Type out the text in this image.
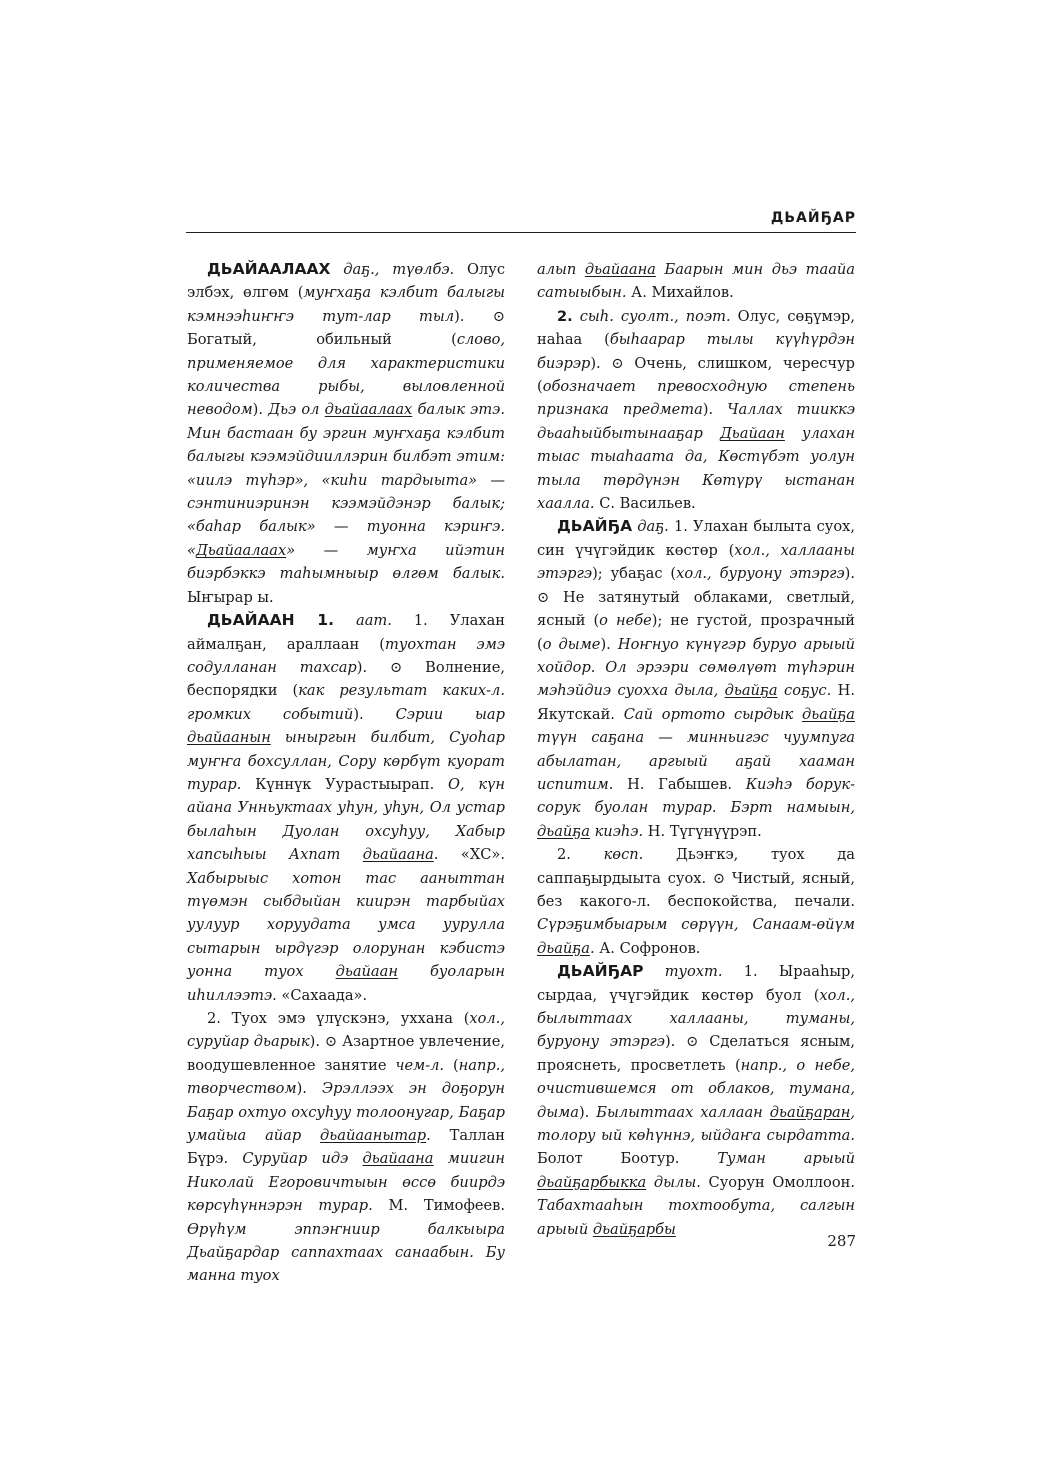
ДЬАЙҔАР

ДЬАЙААЛААХ даҕ., түөлбэ. Олус элбэх, өлгөм (муҥхаҕа кэлбит балыгы кэмнээһиҥҥэ тут-лар тыл). ⊙ Богатый, обильный (слово, применяемое для характеристики количества рыбы, выловленной неводом). Дьэ ол дьайаалаах балык этэ. Мин бастаан бу эргин муҥхаҕа кэлбит балыгы кээмэйдииллэрин билбэт этим: «иилэ түһэр», «киһи тардыыта» — сэнтиниэринэн кээмэйдэнэр балык; «баһар балык» — туонна кэриҥэ. «Дьайаалаах» — муҥха ийэтин биэрбэккэ таһымныыр өлгөм балык. Ыҥырар ы.

ДЬАЙААН 1. аат. 1. Улахан аймалҕан, араллаан (туохтан эмэ содулланан тахсар). ⊙ Волнение, беспорядки (как результат каких-л. громких событий). Сэрии ыар дьайаанын ыныргын билбит, Суоһар муҥҥа бохсуллан, Сору көрбүт куорат турар. Күннүк Уурастыырап. О, күн айана Унньуктаах уһун, уһун, Ол устар былаһын Дуолан охсуһуу, Хабыр хапсыһыы Ахпат дьайаана. «ХС». Хабырыыс хотон тас ааныттан түөмэн сыбдыйан киирэн тарбыйах уулуур хоруудата умса уурулла сытарын ырдүгэр олорунан кэбистэ уонна туох дьайаан буоларын иһиллээтэ. «Сахаада».

2. Туох эмэ үлүскэнэ, уххана (хол., суруйар дьарык). ⊙ Азартное увлечение, воодушевленное занятие чем-л. (напр., творчеством). Эрэллээх эн доҕорун Баҕар охтуо охсуһуу толоонугар, Баҕар умайыа айар дьайаанытар. Таллан Бүрэ. Суруйар идэ дьайаана миигин Николай Егоровичтыын өссө биирдэ көрсүһүннэрэн турар. М. Тимофеев. Өрүһүм эппэҥнииp балкыыра Дьайҕардар саппахтаах санаабын. Бу манна туох

алып дьайаана Баарын мин дьэ таайа сатыыбын. А. Михайлов.

2. сыһ. суолт., поэт. Олус, сөҕүмэр, наһаа (быһаарар тылы күүһүрдэн биэрэр). ⊙ Очень, слишком, чересчур (обозначает превосходную степень признака предмета). Чаллах тииккэ дьааһыйбытынааҕар Дьайаан улахан тыас тыаһаата да, Көстүбэт уолун тыла төрдүнэн Көтүрү ыстанан хаалла. С. Васильев.

ДЬАЙҔА даҕ. 1. Улахан былыта суох, син үчүгэйдик көстөр (хол., халлааны этэргэ); убаҕас (хол., буруону этэргэ). ⊙ Не затянутый облаками, светлый, ясный (о небе); не густой, прозрачный (о дыме). Ноҥнуо күнүгэр буруо арыый хойдор. Ол эрээри сөмөлүөт түһэрин мэһэйдиэ суоххa дыла, дьайҕа соҕус. Н. Якутскай. Сай ортото сырдык дьайҕа түүн саҕана — минньигэс чуумпуга абылатан, аргыый аҕай хааман испитим. Н. Габышев. Киэһэ борук-сорук буолан турар. Бэрт намыын, дьайҕа киэһэ. Н. Түгүнүүрэп.

2. көсп. Дьэҥкэ, туох да саппаҕырдыыта суох. ⊙ Чистый, ясный, без какого-л. беспокойства, печали. Сүрэҕимбыарым сөрүүн, Санаам-өйүм дьайҕа. А. Софронов.

ДЬАЙҔАР туохт. 1. Ырааһыр, сырдаа, үчүгэйдик көстөр буол (хол., былыттаах халлааны, туманы, буруону этэргэ). ⊙ Сделаться ясным, прояснеть, просветлеть (напр., о небе, очистившемся от облаков, тумана, дыма). Былыттаах халлаан дьайҕаран, толору ый көһүннэ, ыйдаҥа сырдатта. Болот Боотур. Туман арыый дьайҕарбыкка дылы. Суорун Омоллоон. Табахтааһын тохтообута, салгын арыый дьайҕарбы

287
